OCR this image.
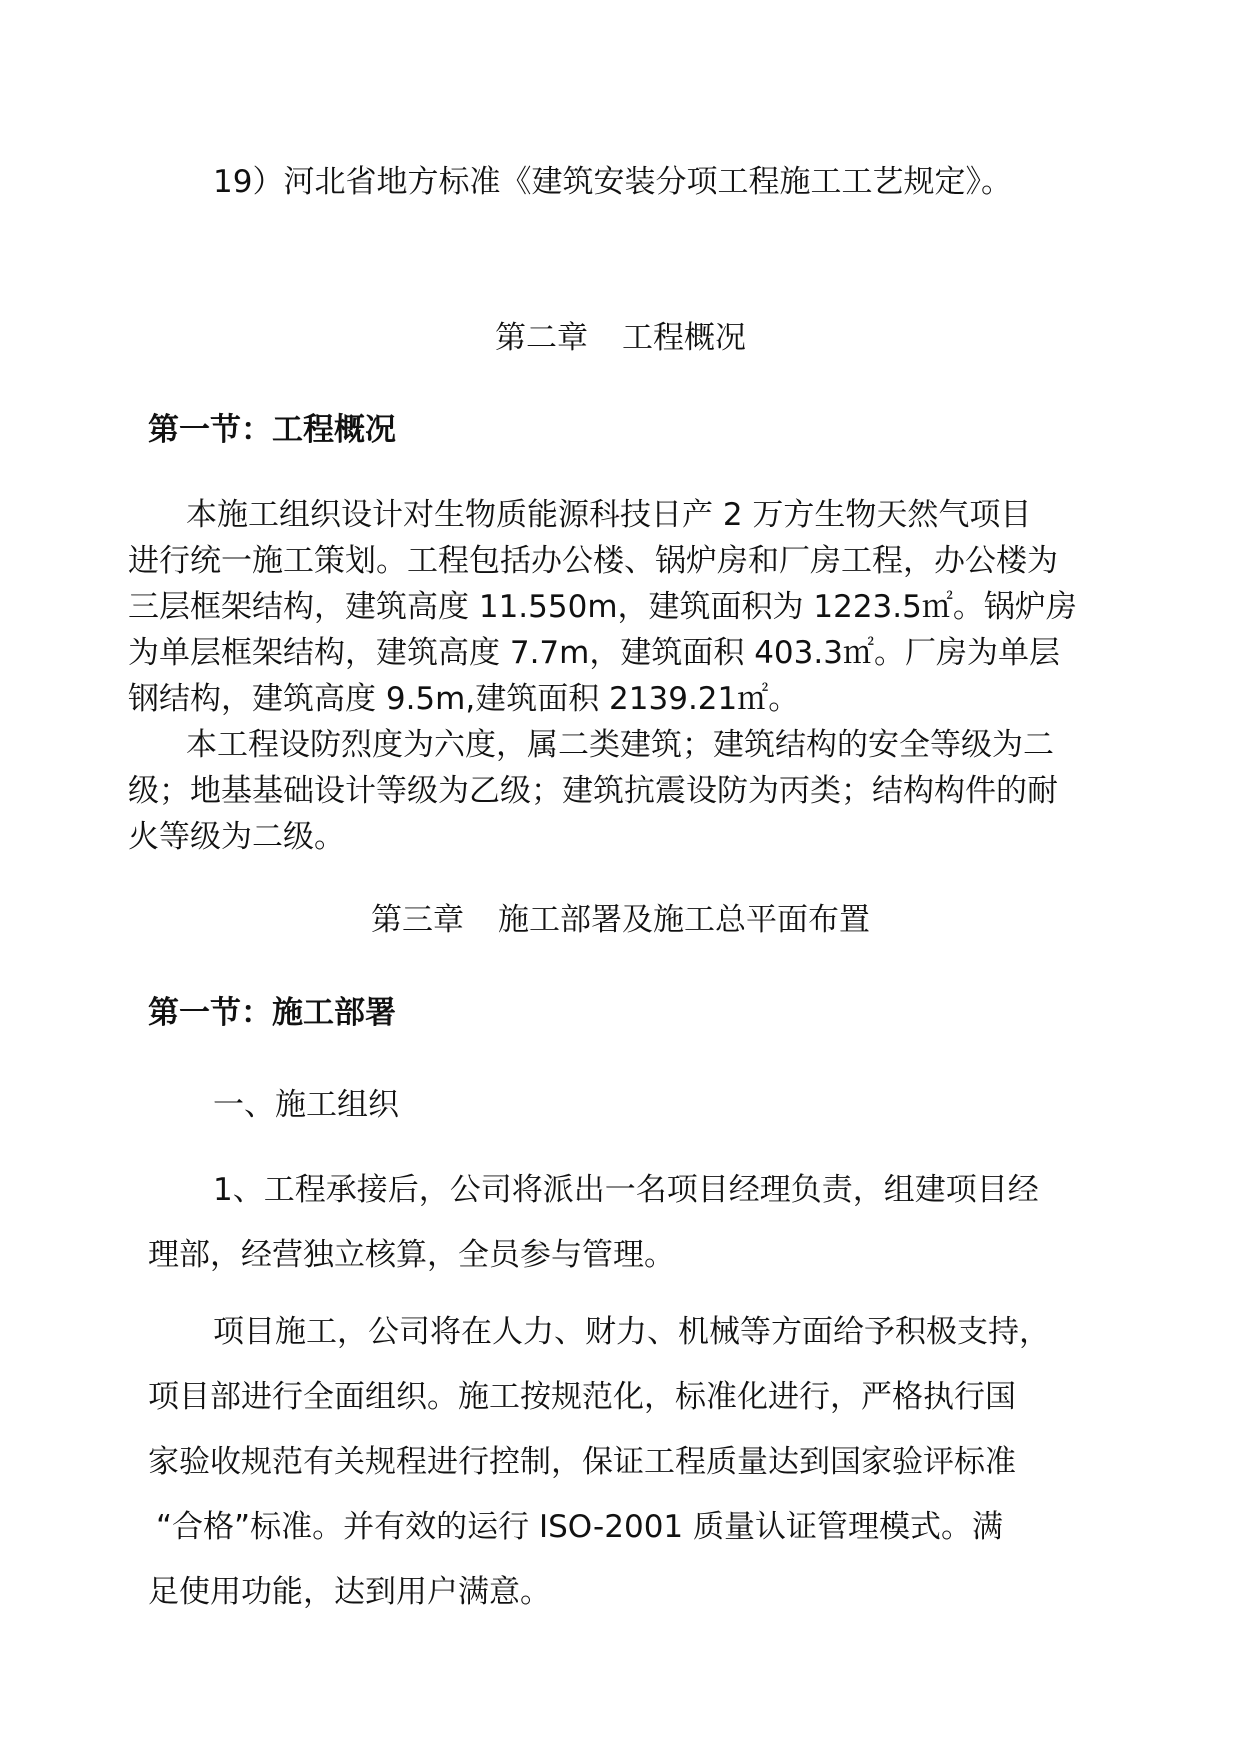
19）河北省地方标准《建筑安装分项工程施工工艺规定》。

第二章 工程概况

第一节：工程概况

本施工组织设计对生物质能源科技日产 2 万方生物天然气项目
进行统一施工策划。工程包括办公楼、锅炉房和厂房工程，办公楼为
三层框架结构，建筑高度 11.550m，建筑面积为 1223.5㎡。锅炉房
为单层框架结构，建筑高度 7.7m，建筑面积 403.3㎡。厂房为单层
钢结构，建筑高度 9.5m,建筑面积 2139.21㎡。
本工程设防烈度为六度，属二类建筑；建筑结构的安全等级为二
级；地基基础设计等级为乙级；建筑抗震设防为丙类；结构构件的耐
火等级为二级。

第三章 施工部署及施工总平面布置

第一节：施工部署

一、施工组织

1、工程承接后，公司将派出一名项目经理负责，组建项目经
理部，经营独立核算，全员参与管理。
项目施工，公司将在人力、财力、机械等方面给予积极支持，
项目部进行全面组织。施工按规范化，标准化进行，严格执行国
家验收规范有关规程进行控制，保证工程质量达到国家验评标准
“合格”标准。并有效的运行 ISO-2001 质量认证管理模式。满
足使用功能，达到用户满意。
